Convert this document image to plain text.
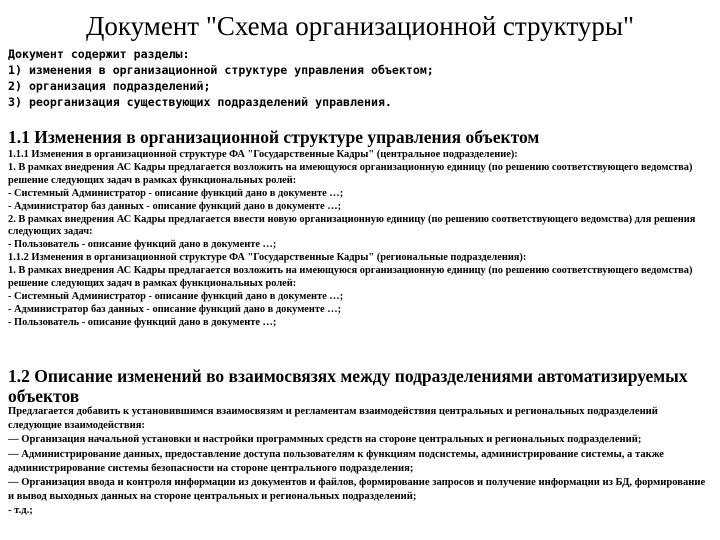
Документ "Схема организационной структуры"
Документ содержит разделы:
1) изменения в организационной структуре управления объектом;
2) организация подразделений;
3) реорганизация существующих подразделений управления.
1.1 Изменения в организационной структуре управления объектом
1.1.1 Изменения в организационной структуре ФА "Государственные Кадры" (центральное подразделение):
1. В рамках внедрения АС Кадры предлагается возложить на имеющуюся организационную единицу (по решению соответствующего ведомства) решение следующих задач в рамках функциональных ролей:
- Системный Администратор - описание функций дано в документе …;
- Администратор баз данных - описание функций дано в документе …;
2. В рамках внедрения АС Кадры предлагается ввести новую организационную единицу (по решению соответствующего ведомства) для решения следующих задач:
- Пользователь - описание функций дано в документе …;
1.1.2 Изменения в организационной структуре ФА "Государственные Кадры" (региональные подразделения):
1. В рамках внедрения АС Кадры предлагается возложить на имеющуюся организационную единицу (по решению соответствующего ведомства) решение следующих задач в рамках функциональных ролей:
- Системный Администратор - описание функций дано в документе …;
- Администратор баз данных - описание функций дано в документе …;
- Пользователь - описание функций дано в документе …;
1.2 Описание изменений во взаимосвязях между подразделениями автоматизируемых объектов
Предлагается добавить к установившимся взаимосвязям и регламентам взаимодействия центральных и региональных подразделений следующие взаимодействия:
— Организация начальной установки и настройки программных средств на стороне центральных и региональных подразделений;
— Администрирование данных, предоставление доступа пользователям к функциям подсистемы, администрирование системы, а также администрирование системы безопасности на стороне центрального подразделения;
— Организация ввода и контроля информации из документов и файлов, формирование запросов и получение информации из БД, формирование и вывод выходных данных на стороне центральных и региональных подразделений;
- т.д.;
